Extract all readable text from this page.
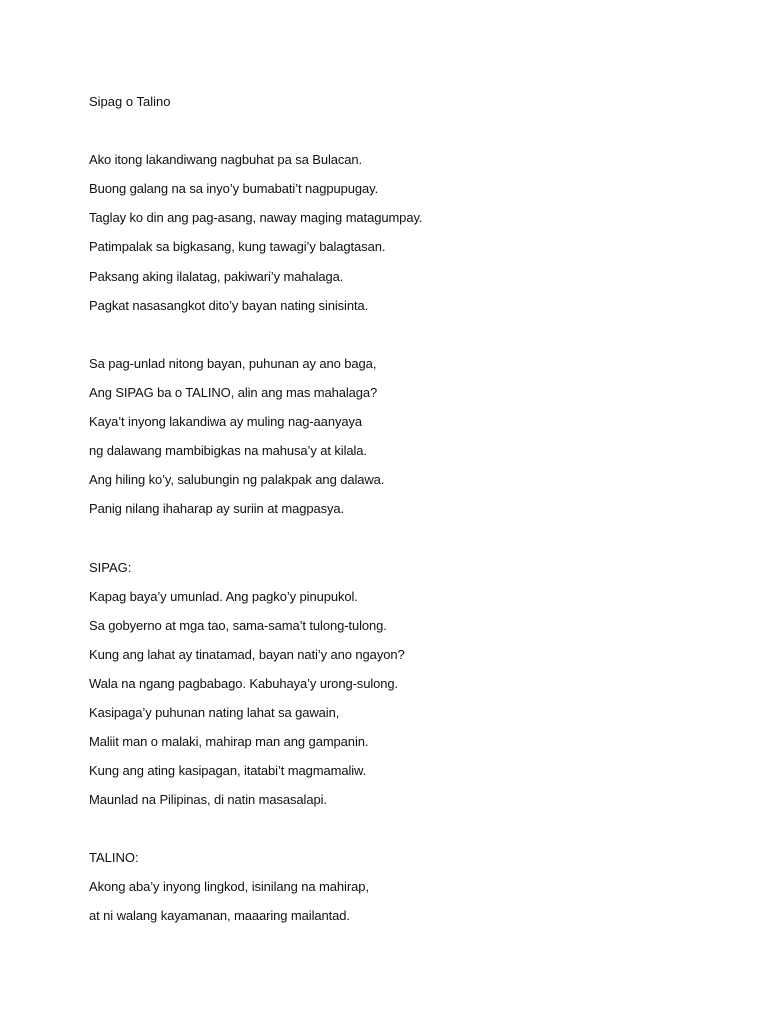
Sipag o Talino
Ako itong lakandiwang nagbuhat pa sa Bulacan.
Buong galang na sa inyo’y bumabati’t nagpupugay.
Taglay ko din ang pag-asang, naway maging matagumpay.
Patimpalak sa bigkasang, kung tawagi’y balagtasan.
Paksang aking ilalatag, pakiwari’y mahalaga.
Pagkat nasasangkot dito’y bayan nating sinisinta.
Sa pag-unlad nitong bayan, puhunan ay ano baga,
Ang SIPAG ba o TALINO, alin ang mas mahalaga?
Kaya’t inyong lakandiwa ay muling nag-aanyaya
ng dalawang mambibigkas na mahusa’y at kilala.
Ang hiling ko’y, salubungin ng palakpak ang dalawa.
Panig nilang ihaharap ay suriin at magpasya.
SIPAG:
Kapag baya’y umunlad. Ang pagko’y pinupukol.
Sa gobyerno at mga tao, sama-sama’t tulong-tulong.
Kung ang lahat ay tinatamad, bayan nati’y ano ngayon?
Wala na ngang pagbabago. Kabuhaya’y urong-sulong.
Kasipaga’y puhunan nating lahat sa gawain,
Maliit man o malaki, mahirap man ang gampanin.
Kung ang ating kasipagan, itatabi’t magmamaliw.
Maunlad na Pilipinas, di natin masasalapi.
TALINO:
Akong aba’y inyong lingkod, isinilang na mahirap,
at ni walang kayamanan, maaaring mailantad.
